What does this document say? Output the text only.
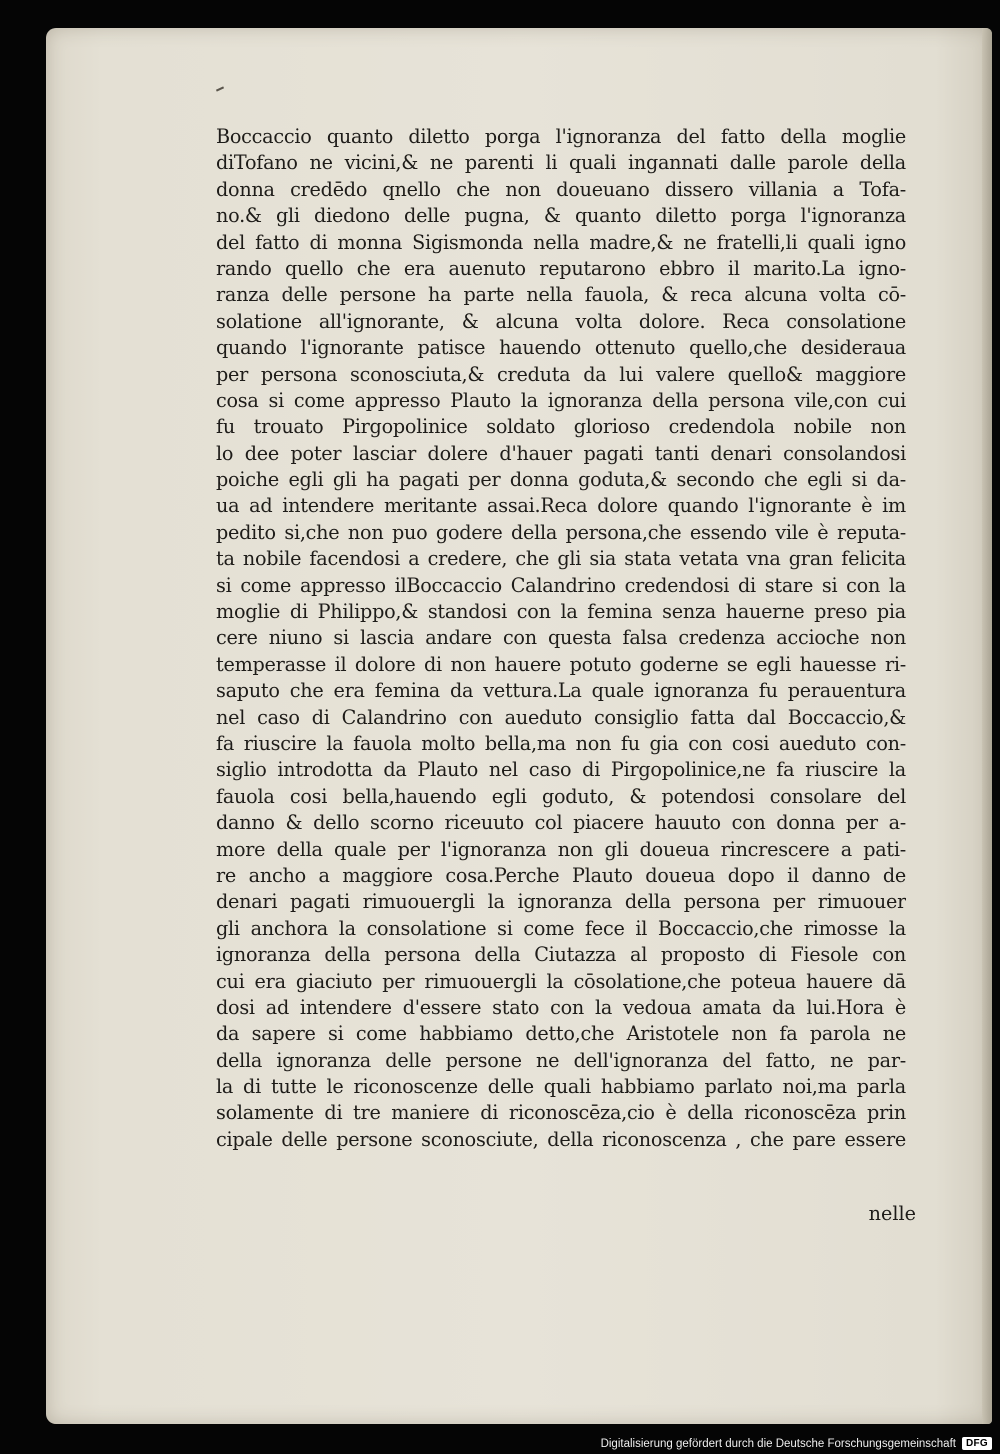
Boccaccio quanto diletto porga l'ignoranza del fatto della moglie
diTofano ne vicini,& ne parenti li quali ingannati dalle parole della
donna credēdo qnello che non doueuano dissero villania a Tofa-
no.& gli diedono delle pugna, & quanto diletto porga l'ignoranza
del fatto di monna Sigismonda nella madre,& ne fratelli,li quali igno
rando quello che era auenuto reputarono ebbro il marito.La igno-
ranza delle persone ha parte nella fauola, & reca alcuna volta cō-
solatione all'ignorante, & alcuna volta dolore. Reca consolatione
quando l'ignorante patisce hauendo ottenuto quello,che desideraua
per persona sconosciuta,& creduta da lui valere quello& maggiore
cosa si come appresso Plauto la ignoranza della persona vile,con cui
fu trouato Pirgopolinice soldato glorioso credendola nobile non
lo dee poter lasciar dolere d'hauer pagati tanti denari consolandosi
poiche egli gli ha pagati per donna goduta,& secondo che egli si da-
ua ad intendere meritante assai.Reca dolore quando l'ignorante è im
pedito si,che non puo godere della persona,che essendo vile è reputa-
ta nobile facendosi a credere, che gli sia stata vetata vna gran felicita
si come appresso ilBoccaccio Calandrino credendosi di stare si con la
moglie di Philippo,& standosi con la femina senza hauerne preso pia
cere niuno si lascia andare con questa falsa credenza accioche non
temperasse il dolore di non hauere potuto goderne se egli hauesse ri-
saputo che era femina da vettura.La quale ignoranza fu perauentura
nel caso di Calandrino con aueduto consiglio fatta dal Boccaccio,&
fa riuscire la fauola molto bella,ma non fu gia con cosi aueduto con-
siglio introdotta da Plauto nel caso di Pirgopolinice,ne fa riuscire la
fauola cosi bella,hauendo egli goduto, & potendosi consolare del
danno & dello scorno riceuuto col piacere hauuto con donna per a-
more della quale per l'ignoranza non gli doueua rincrescere a pati-
re ancho a maggiore cosa.Perche Plauto doueua dopo il danno de
denari pagati rimuouergli la ignoranza della persona per rimuouer
gli anchora la consolatione si come fece il Boccaccio,che rimosse la
ignoranza della persona della Ciutazza al proposto di Fiesole con
cui era giaciuto per rimuouergli la cōsolatione,che poteua hauere dā
dosi ad intendere d'essere stato con la vedoua amata da lui.Hora è
da sapere si come habbiamo detto,che Aristotele non fa parola ne
della ignoranza delle persone ne dell'ignoranza del fatto, ne par-
la di tutte le riconoscenze delle quali habbiamo parlato noi,ma parla
solamente di tre maniere di riconoscēza,cio è della riconoscēza prin
cipale delle persone sconosciute, della riconoscenza , che pare essere
nelle
Digitalisierung gefördert durch die Deutsche Forschungsgemeinschaft	DFG
